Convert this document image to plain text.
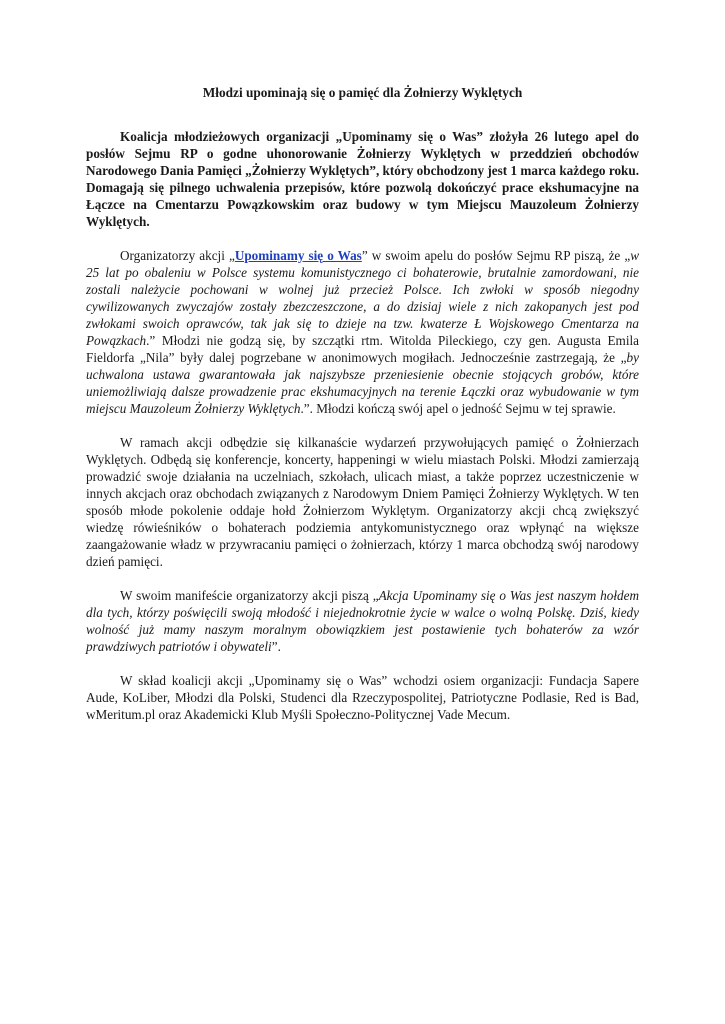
Młodzi upominają się o pamięć dla Żołnierzy Wyklętych

Koalicja młodzieżowych organizacji „Upominamy się o Was” złożyła 26 lutego apel do posłów Sejmu RP o godne uhonorowanie Żołnierzy Wyklętych w przeddzień obchodów Narodowego Dania Pamięci „Żołnierzy Wyklętych”, który obchodzony jest 1 marca każdego roku. Domagają się pilnego uchwalenia przepisów, które pozwolą dokończyć prace ekshumacyjne na Łączce na Cmentarzu Powązkowskim oraz budowy w tym Miejscu Mauzoleum Żołnierzy Wyklętych.

Organizatorzy akcji „Upominamy się o Was” w swoim apelu do posłów Sejmu RP piszą, że „w 25 lat po obaleniu w Polsce systemu komunistycznego ci bohaterowie, brutalnie zamordowani, nie zostali należycie pochowani w wolnej już przecież Polsce. Ich zwłoki w sposób niegodny cywilizowanych zwyczajów zostały zbezczeszczone, a do dzisiaj wiele z nich zakopanych jest pod zwłokami swoich oprawców, tak jak się to dzieje na tzw. kwaterze Ł Wojskowego Cmentarza na Powązkach.” Młodzi nie godzą się, by szczątki rtm. Witolda Pileckiego, czy gen. Augusta Emila Fieldorfa „Nila” były dalej pogrzebane w anonimowych mogiłach. Jednocześnie zastrzegają, że „by uchwalona ustawa gwarantowała jak najszybsze przeniesienie obecnie stojących grobów, które uniemożliwiają dalsze prowadzenie prac ekshumacyjnych na terenie Łączki oraz wybudowanie w tym miejscu Mauzoleum Żołnierzy Wyklętych.”. Młodzi kończą swój apel o jedność Sejmu w tej sprawie.

W ramach akcji odbędzie się kilkanaście wydarzeń przywołujących pamięć o Żołnierzach Wyklętych. Odbędą się konferencje, koncerty, happeningi w wielu miastach Polski. Młodzi zamierzają prowadzić swoje działania na uczelniach, szkołach, ulicach miast, a także poprzez uczestniczenie w innych akcjach oraz obchodach związanych z Narodowym Dniem Pamięci Żołnierzy Wyklętych. W ten sposób młode pokolenie oddaje hołd Żołnierzom Wyklętym. Organizatorzy akcji chcą zwiększyć wiedzę rówieśników o bohaterach podziemia antykomunistycznego oraz wpłynąć na większe zaangażowanie władz w przywracaniu pamięci o żołnierzach, którzy 1 marca obchodzą swój narodowy dzień pamięci.

W swoim manifeście organizatorzy akcji piszą „Akcja Upominamy się o Was jest naszym hołdem dla tych, którzy poświęcili swoją młodość i niejednokrotnie życie w walce o wolną Polskę. Dziś, kiedy wolność już mamy naszym moralnym obowiązkiem jest postawienie tych bohaterów za wzór prawdziwych patriotów i obywateli”.

W skład koalicji akcji „Upominamy się o Was” wchodzi osiem organizacji: Fundacja Sapere Aude, KoLiber, Młodzi dla Polski, Studenci dla Rzeczypospolitej, Patriotyczne Podlasie, Red is Bad, wMeritum.pl oraz Akademicki Klub Myśli Społeczno-Politycznej Vade Mecum.
